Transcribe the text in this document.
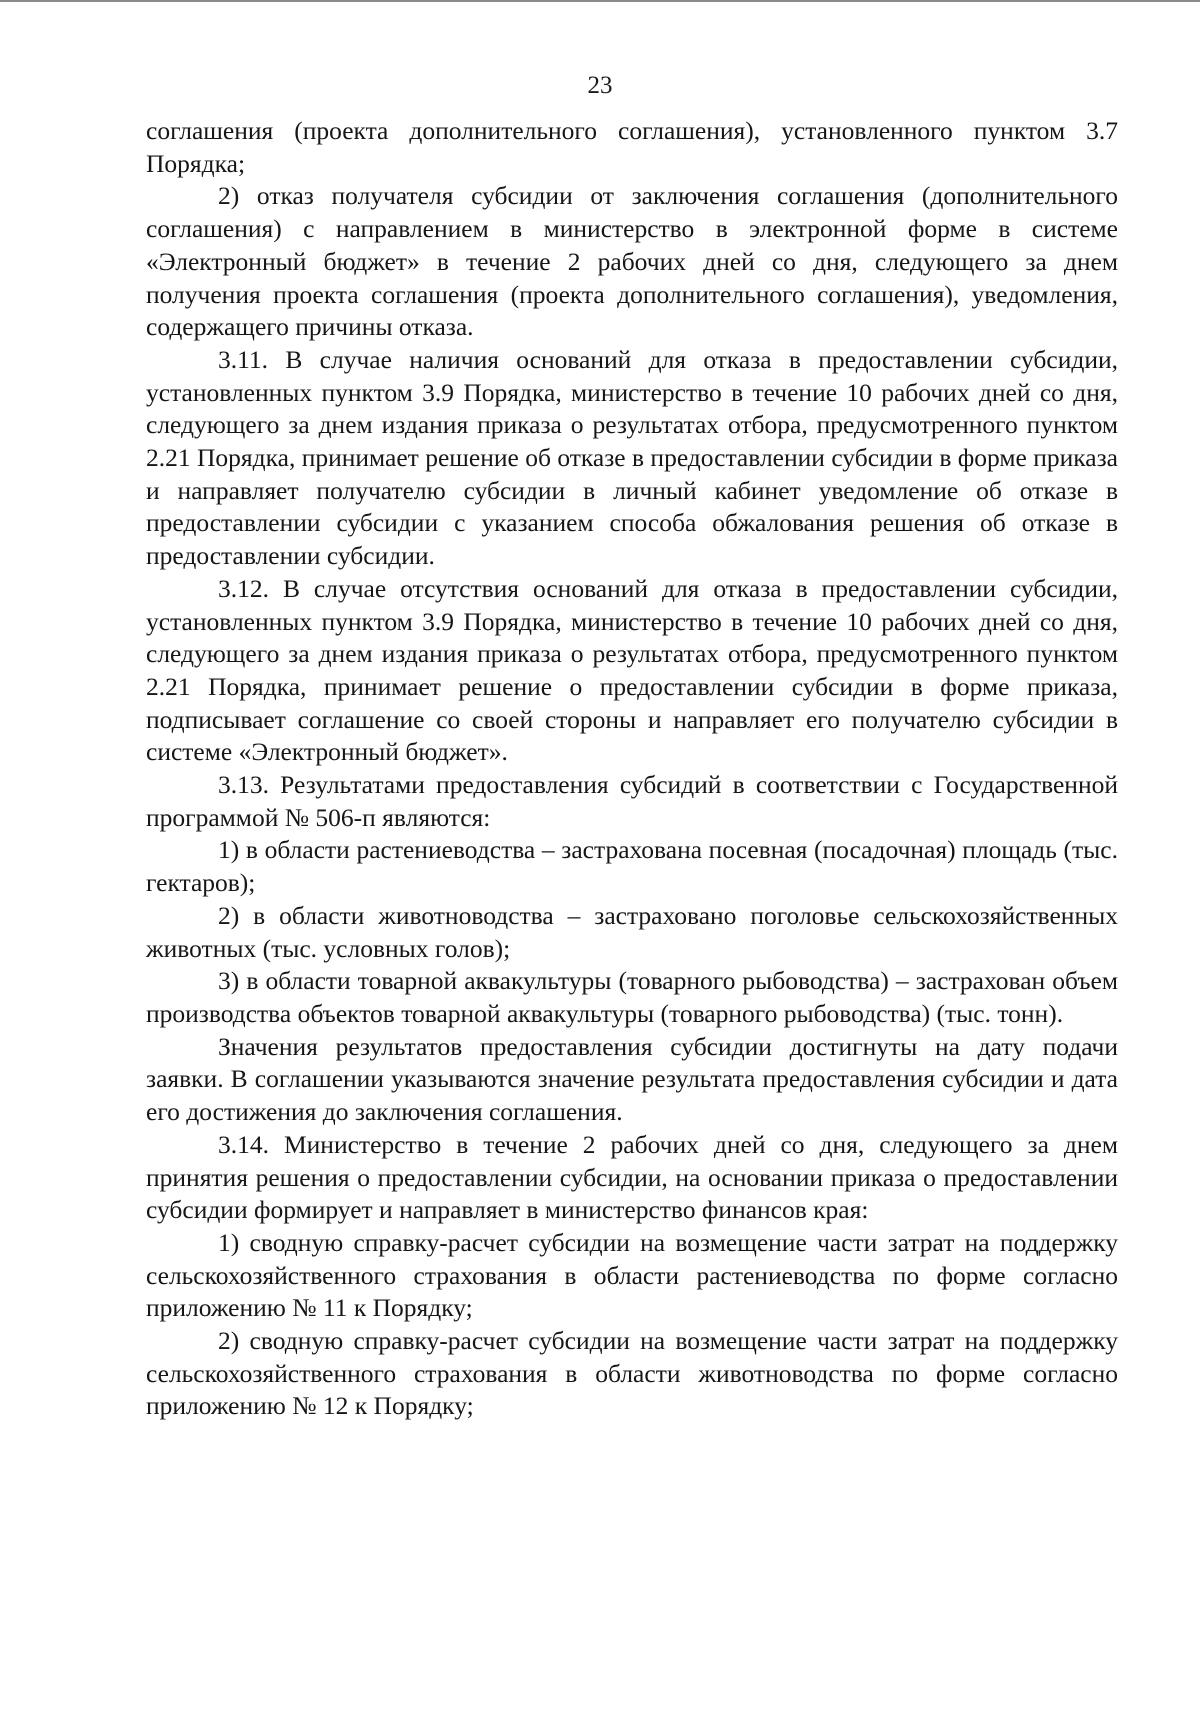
23

соглашения (проекта дополнительного соглашения), установленного пунктом 3.7 Порядка;

2) отказ получателя субсидии от заключения соглашения (дополнительного соглашения) с направлением в министерство в электронной форме в системе «Электронный бюджет» в течение 2 рабочих дней со дня, следующего за днем получения проекта соглашения (проекта дополнительного соглашения), уведомления, содержащего причины отказа.

3.11. В случае наличия оснований для отказа в предоставлении субсидии, установленных пунктом 3.9 Порядка, министерство в течение 10 рабочих дней со дня, следующего за днем издания приказа о результатах отбора, предусмотренного пунктом 2.21 Порядка, принимает решение об отказе в предоставлении субсидии в форме приказа и направляет получателю субсидии в личный кабинет уведомление об отказе в предоставлении субсидии с указанием способа обжалования решения об отказе в предоставлении субсидии.

3.12. В случае отсутствия оснований для отказа в предоставлении субсидии, установленных пунктом 3.9 Порядка, министерство в течение 10 рабочих дней со дня, следующего за днем издания приказа о результатах отбора, предусмотренного пунктом 2.21 Порядка, принимает решение о предоставлении субсидии в форме приказа, подписывает соглашение со своей стороны и направляет его получателю субсидии в системе «Электронный бюджет».

3.13. Результатами предоставления субсидий в соответствии с Государственной программой № 506-п являются:

1) в области растениеводства – застрахована посевная (посадочная) площадь (тыс. гектаров);

2) в области животноводства – застраховано поголовье сельскохозяйственных животных (тыс. условных голов);

3) в области товарной аквакультуры (товарного рыбоводства) – застрахован объем производства объектов товарной аквакультуры (товарного рыбоводства) (тыс. тонн).

Значения результатов предоставления субсидии достигнуты на дату подачи заявки. В соглашении указываются значение результата предоставления субсидии и дата его достижения до заключения соглашения.

3.14. Министерство в течение 2 рабочих дней со дня, следующего за днем принятия решения о предоставлении субсидии, на основании приказа о предоставлении субсидии формирует и направляет в министерство финансов края:

1) сводную справку-расчет субсидии на возмещение части затрат на поддержку сельскохозяйственного страхования в области растениеводства по форме согласно приложению № 11 к Порядку;

2) сводную справку-расчет субсидии на возмещение части затрат на поддержку сельскохозяйственного страхования в области животноводства по форме согласно приложению № 12 к Порядку;
